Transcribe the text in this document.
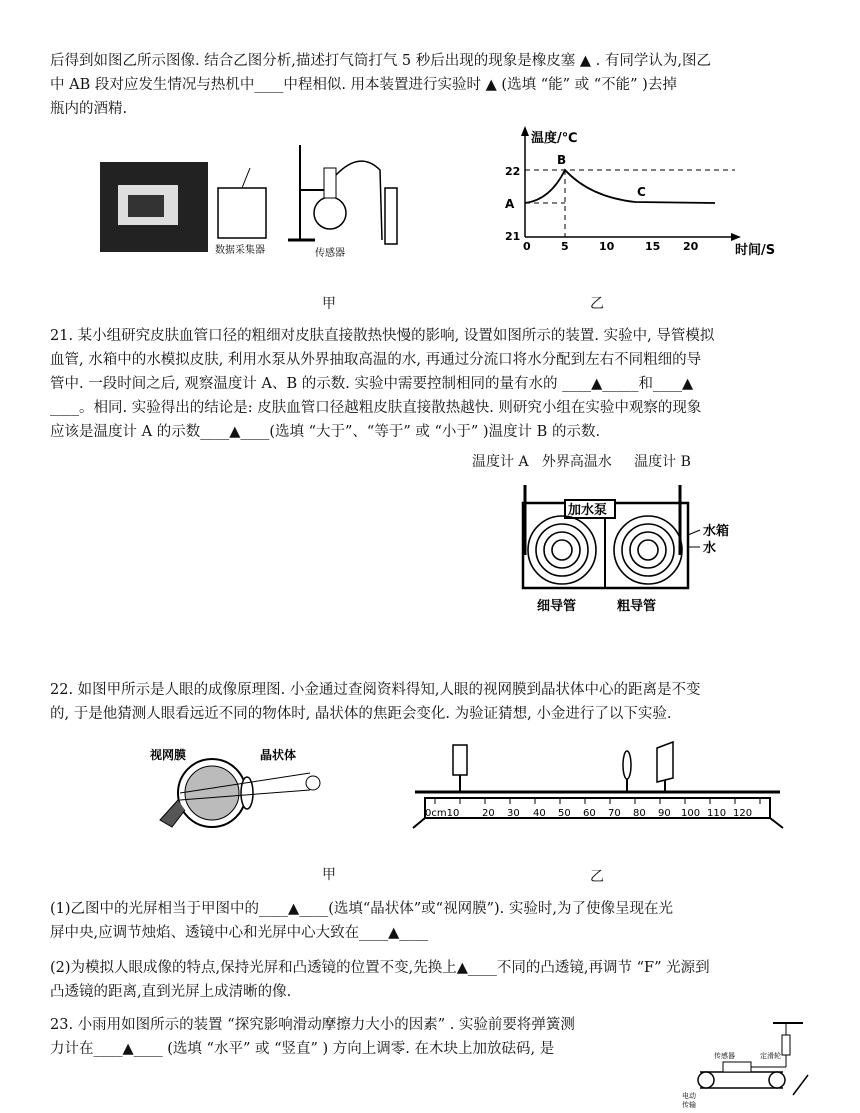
后得到如图乙所示图像. 结合乙图分析,描述打气筒打气 5 秒后出现的现象是橡皮塞 ▲ . 有同学认为,图乙
中 AB 段对应发生情况与热机中____中程相似. 用本装置进行实验时 ▲ (选填 “能” 或 “不能” )去掉
瓶内的酒精.
数据采集器	传感器
温度/℃
时间/S
B
A
C
22
21
0	5	10	15 20
甲	乙
21. 某小组研究皮肤血管口径的粗细对皮肤直接散热快慢的影响, 设置如图所示的装置. 实验中, 导管模拟
血管, 水箱中的水模拟皮肤, 利用水泵从外界抽取高温的水, 再通过分流口将水分配到左右不同粗细的导
管中. 一段时间之后, 观察温度计 A、B 的示数. 实验中需要控制相同的量有水的 ____▲_____和____▲
____。相同. 实验得出的结论是: 皮肤血管口径越粗皮肤直接散热越快. 则研究小组在实验中观察的现象
应该是温度计 A 的示数____▲____(选填 “大于”、“等于” 或 “小于” )温度计 B 的示数.
温度计 A   外界高温水     温度计 B
加水泵
水箱
水
细导管	粗导管
22. 如图甲所示是人眼的成像原理图. 小金通过查阅资料得知,人眼的视网膜到晶状体中心的距离是不变
的, 于是他猜测人眼看远近不同的物体时, 晶状体的焦距会变化. 为验证猜想, 小金进行了以下实验.
视网膜	晶状体
0cm10 20 30 40 50 60 70 80 90 100 110 120
甲	乙
(1)乙图中的光屏相当于甲图中的____▲____(选填“晶状体”或“视网膜”). 实验时,为了使像呈现在光
屏中央,应调节烛焰、透镜中心和光屏中心大致在____▲____
(2)为模拟人眼成像的特点,保持光屏和凸透镜的位置不变,先换上▲____不同的凸透镜,再调节 “F” 光源到
凸透镜的距离,直到光屏上成清晰的像.
23. 小雨用如图所示的装置 “探究影响滑动摩擦力大小的因素” . 实验前要将弹簧测
力计在____▲____ (选填 “水平” 或 “竖直” ) 方向上调零. 在木块上加放砝码, 是	传感器	定滑轮
电动
传输
